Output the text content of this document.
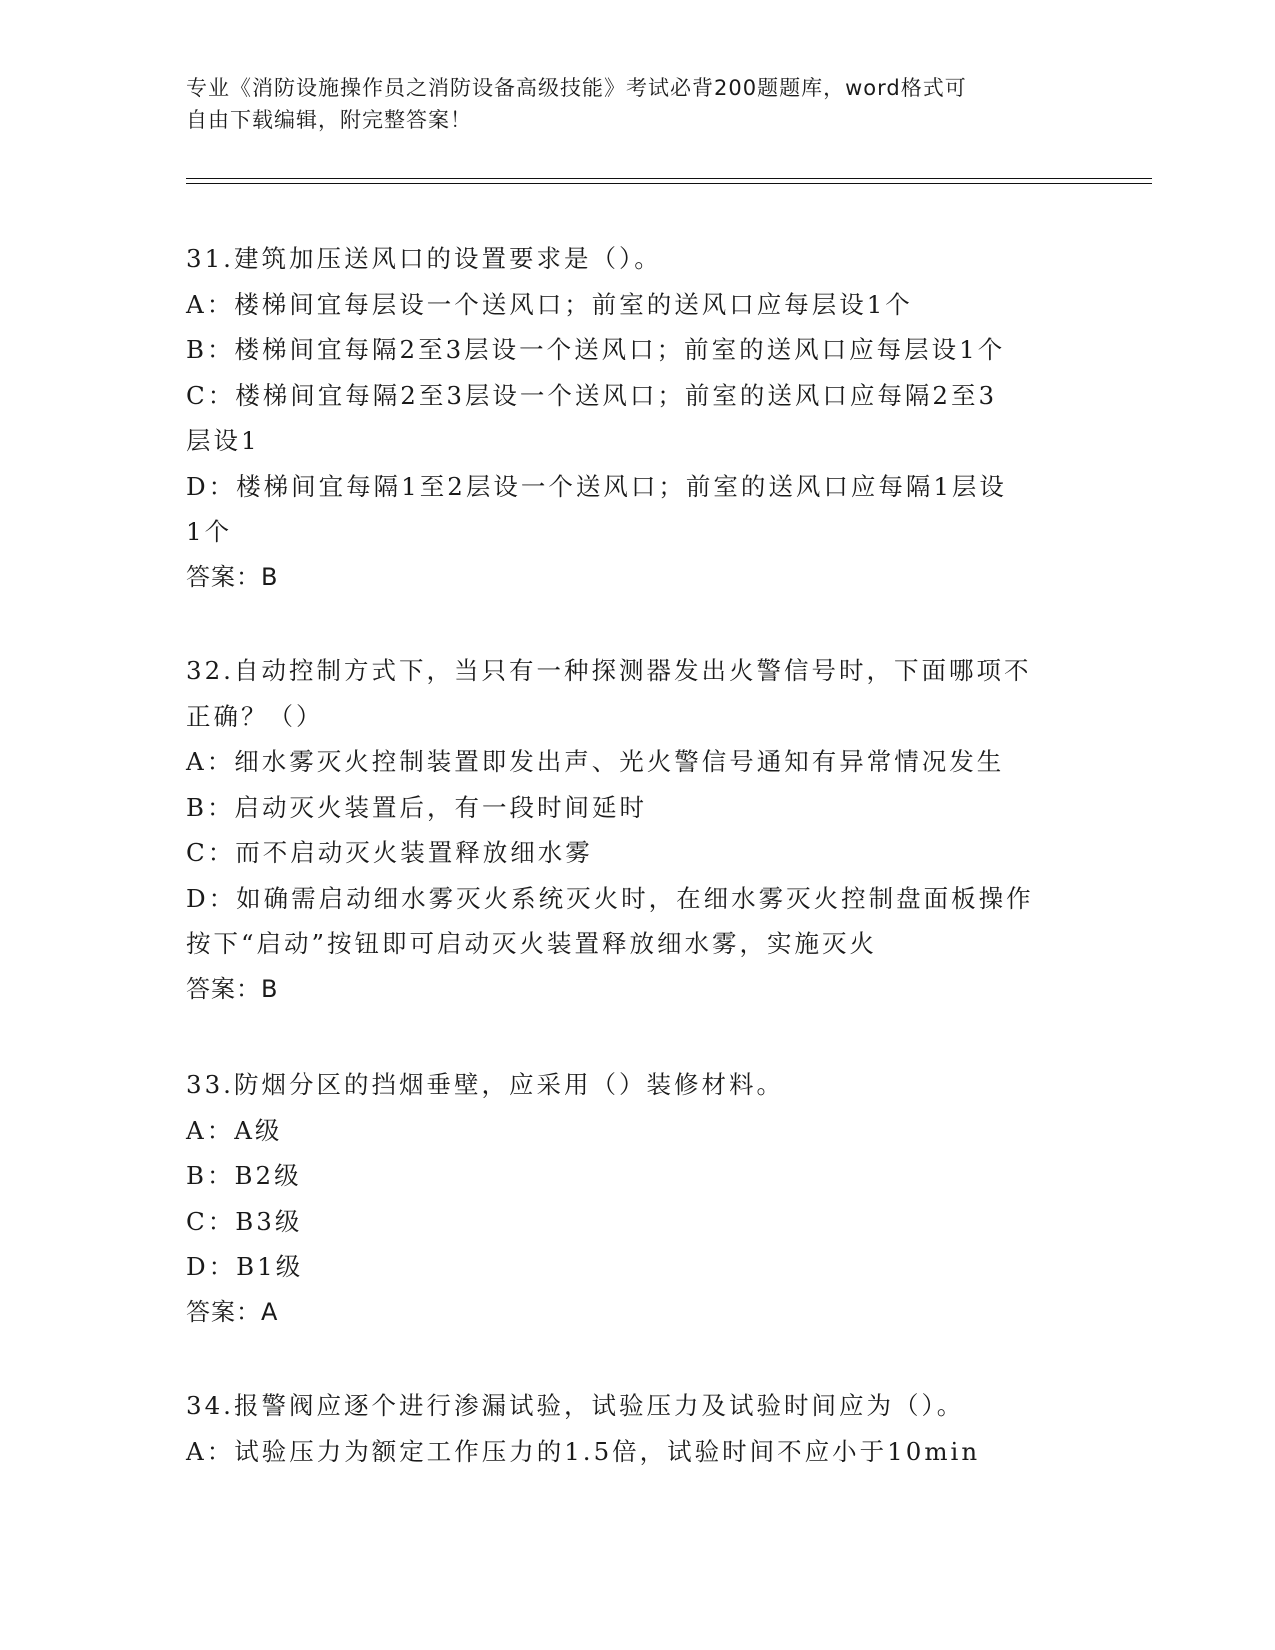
专业《消防设施操作员之消防设备高级技能》考试必背200题题库，word格式可
自由下载编辑，附完整答案！
31.建筑加压送风口的设置要求是（）。
A：楼梯间宜每层设一个送风口；前室的送风口应每层设1个
B：楼梯间宜每隔2至3层设一个送风口；前室的送风口应每层设1个
C：楼梯间宜每隔2至3层设一个送风口；前室的送风口应每隔2至3
层设1
D：楼梯间宜每隔1至2层设一个送风口；前室的送风口应每隔1层设
1个
答案：B
32.自动控制方式下，当只有一种探测器发出火警信号时，下面哪项不
正确？（）
A：细水雾灭火控制装置即发出声、光火警信号通知有异常情况发生
B：启动灭火装置后，有一段时间延时
C：而不启动灭火装置释放细水雾
D：如确需启动细水雾灭火系统灭火时，在细水雾灭火控制盘面板操作
按下“启动”按钮即可启动灭火装置释放细水雾，实施灭火
答案：B
33.防烟分区的挡烟垂壁，应采用（）装修材料。
A：A级
B：B2级
C：B3级
D：B1级
答案：A
34.报警阀应逐个进行渗漏试验，试验压力及试验时间应为（）。
A：试验压力为额定工作压力的1.5倍，试验时间不应小于10min
